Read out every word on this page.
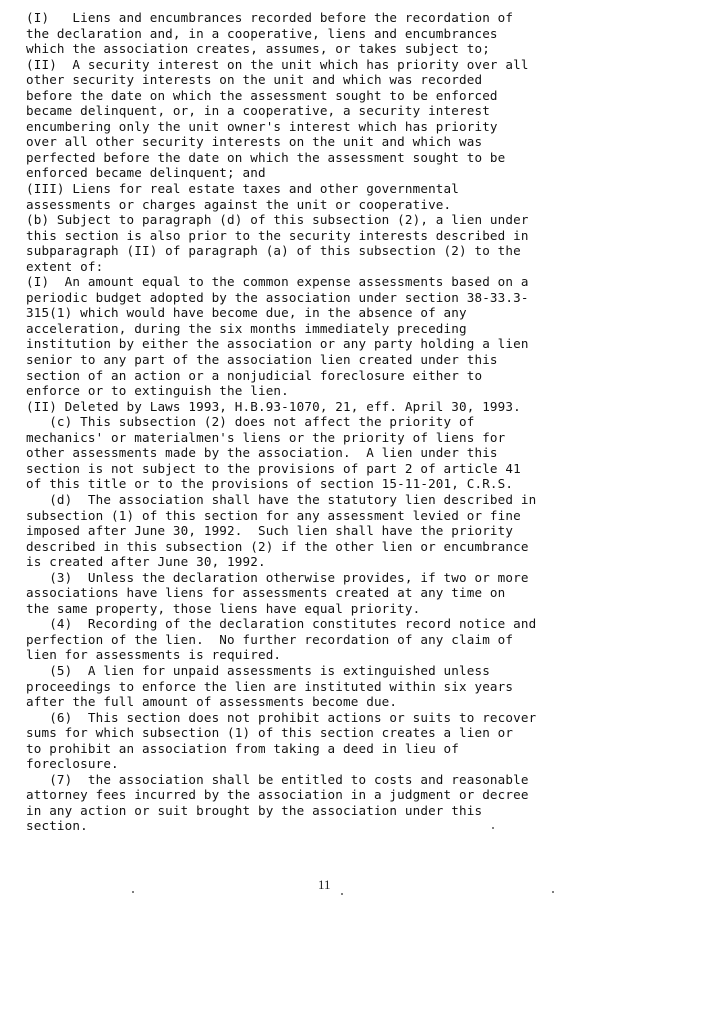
(I)   Liens and encumbrances recorded before the recordation of
the declaration and, in a cooperative, liens and encumbrances
which the association creates, assumes, or takes subject to;
(II)  A security interest on the unit which has priority over all
other security interests on the unit and which was recorded
before the date on which the assessment sought to be enforced
became delinquent, or, in a cooperative, a security interest
encumbering only the unit owner's interest which has priority
over all other security interests on the unit and which was
perfected before the date on which the assessment sought to be
enforced became delinquent; and
(III) Liens for real estate taxes and other governmental
assessments or charges against the unit or cooperative.
(b) Subject to paragraph (d) of this subsection (2), a lien under
this section is also prior to the security interests described in
subparagraph (II) of paragraph (a) of this subsection (2) to the
extent of:
(I)  An amount equal to the common expense assessments based on a
periodic budget adopted by the association under section 38-33.3-
315(1) which would have become due, in the absence of any
acceleration, during the six months immediately preceding
institution by either the association or any party holding a lien
senior to any part of the association lien created under this
section of an action or a nonjudicial foreclosure either to
enforce or to extinguish the lien.
(II) Deleted by Laws 1993, H.B.93-1070, 21, eff. April 30, 1993.
(c) This subsection (2) does not affect the priority of
mechanics' or materialmen's liens or the priority of liens for
other assessments made by the association.  A lien under this
section is not subject to the provisions of part 2 of article 41
of this title or to the provisions of section 15-11-201, C.R.S.
(d)  The association shall have the statutory lien described in
subsection (1) of this section for any assessment levied or fine
imposed after June 30, 1992.  Such lien shall have the priority
described in this subsection (2) if the other lien or encumbrance
is created after June 30, 1992.
(3)  Unless the declaration otherwise provides, if two or more
associations have liens for assessments created at any time on
the same property, those liens have equal priority.
(4)  Recording of the declaration constitutes record notice and
perfection of the lien.  No further recordation of any claim of
lien for assessments is required.
(5)  A lien for unpaid assessments is extinguished unless
proceedings to enforce the lien are instituted within six years
after the full amount of assessments become due.
(6)  This section does not prohibit actions or suits to recover
sums for which subsection (1) of this section creates a lien or
to prohibit an association from taking a deed in lieu of
foreclosure.
(7)  the association shall be entitled to costs and reasonable
attorney fees incurred by the association in a judgment or decree
in any action or suit brought by the association under this
section.
11
